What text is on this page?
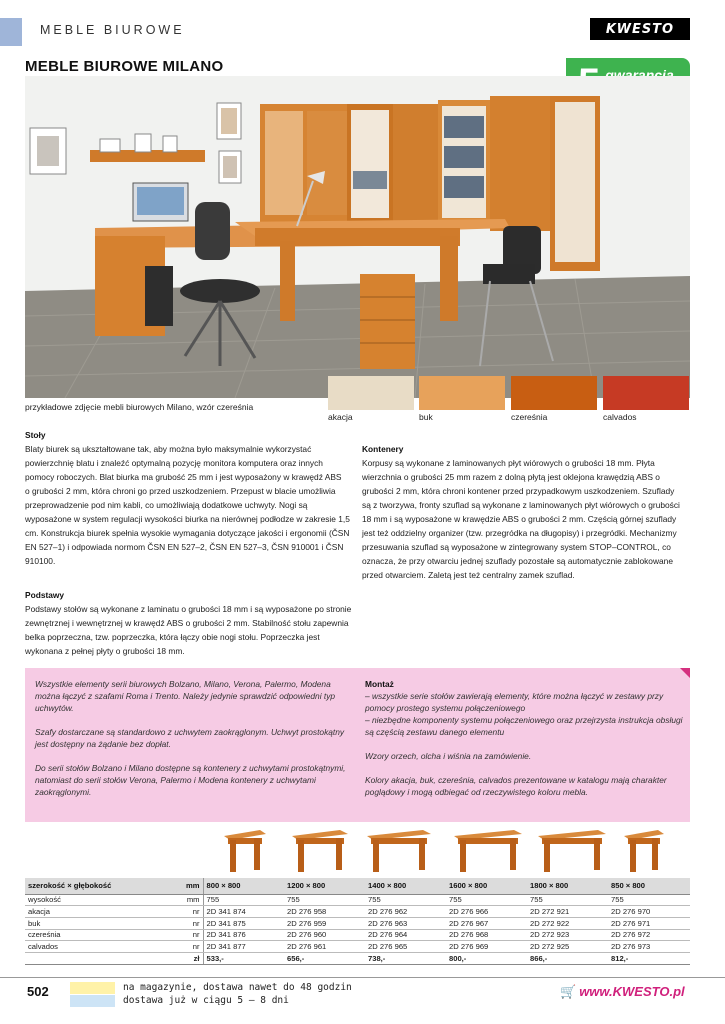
MEBLE BIUROWE	KWESTO
MEBLE BIUROWE MILANO

przykładowe zdjęcie mebli biurowych Milano, wzór czereśnia
akacja	buk	czereśnia	calvados
Stoły
Blaty biurek są ukształtowane tak, aby można było maksymalnie wykorzystać
powierzchnię blatu i znaleźć optymalną pozycję monitora komputera oraz innych
pomocy roboczych. Blat biurka ma grubość 25 mm i jest wyposażony w krawędź ABS
o grubości 2 mm, która chroni go przed uszkodzeniem. Przepust w blacie umożliwia
przeprowadzenie pod nim kabli, co umożliwiają dodatkowe uchwyty. Nogi są
wyposażone w system regulacji wysokości biurka na nierównej podłodze w zakresie 1,5
cm. Konstrukcja biurek spełnia wysokie wymagania dotyczące jakości i ergonomii (ČSN
EN 527–1) i odpowiada normom ČSN EN 527–2, ČSN EN 527–3, ČSN 910001 i ČSN
910100.
Podstawy
Podstawy stołów są wykonane z laminatu o grubości 18 mm i są wyposażone po stronie
zewnętrznej i wewnętrznej w krawędź ABS o grubości 2 mm. Stabilność stołu zapewnia
belka poprzeczna, tzw. poprzeczka, która łączy obie nogi stołu. Poprzeczka jest
wykonana z pełnej płyty o grubości 18 mm.
Kontenery
Korpusy są wykonane z laminowanych płyt wiórowych o grubości 18 mm. Płyta
wierzchnia o grubości 25 mm razem z dolną płytą jest oklejona krawędzią ABS o
grubości 2 mm, która chroni kontener przed przypadkowym uszkodzeniem. Szuflady
są z tworzywa, fronty szuflad są wykonane z laminowanych płyt wiórowych o grubości
18 mm i są wyposażone w krawędzie ABS o grubości 2 mm. Częścią górnej szuflady
jest też oddzielny organizer (tzw. przegródka na długopisy) i przegródki. Mechanizmy
przesuwania szuflad są wyposażone w zintegrowany system STOP–CONTROL, co
oznacza, że przy otwarciu jednej szuflady pozostałe są automatycznie zablokowane
przed otwarciem. Zaletą jest też centralny zamek szuflad.

Wszystkie elementy serii biurowych Bolzano, Milano, Verona, Palermo, Modena można łączyć z szafami Roma i Trento. Należy jedynie sprawdzić odpowiedni typ uchwytów.

Szafy dostarczane są standardowo z uchwytem zaokrąglonym. Uchwyt prostokątny jest dostępny na żądanie bez dopłat.

Do serii stołów Bolzano i Milano dostępne są kontenery z uchwytami prostokątnymi, natomiast do serii stołów Verona, Palermo i Modena kontenery z uchwytami zaokrąglonymi.

Montaż
– wszystkie serie stołów zawierają elementy, które można łączyć w zestawy przy pomocy prostego systemu połączeniowego

– niezbędne komponenty systemu połączeniowego oraz przejrzysta instrukcja obsługi są częścią zestawu danego elementu

Wzory orzech, olcha i wiśnia na zamówienie.

Kolory akacja, buk, czereśnia, calvados prezentowane w katalogu mają charakter poglądowy i mogą odbiegać od rzeczywistego koloru mebla.

szerokość × głębokość	mm	800 × 800	1200 × 800	1400 × 800	1600 × 800	1800 × 800	850 × 800
wysokość	mm	755	755	755	755	755	755
akacja	nr	2D 341 874	2D 276 958	2D 276 962	2D 276 966	2D 272 921	2D 276 970
buk	nr	2D 341 875	2D 276 959	2D 276 963	2D 276 967	2D 272 922	2D 276 971
czereśnia	nr	2D 341 876	2D 276 960	2D 276 964	2D 276 968	2D 272 923	2D 276 972
calvados	nr	2D 341 877	2D 276 961	2D 276 965	2D 276 969	2D 272 925	2D 276 973
	zł	533,-	656,-	738,-	800,-	866,-	812,-
502	na magazynie, dostawa nawet do 48 godzin
dostawa już w ciągu 5 – 8 dni
🛒 www.KWESTO.pl
